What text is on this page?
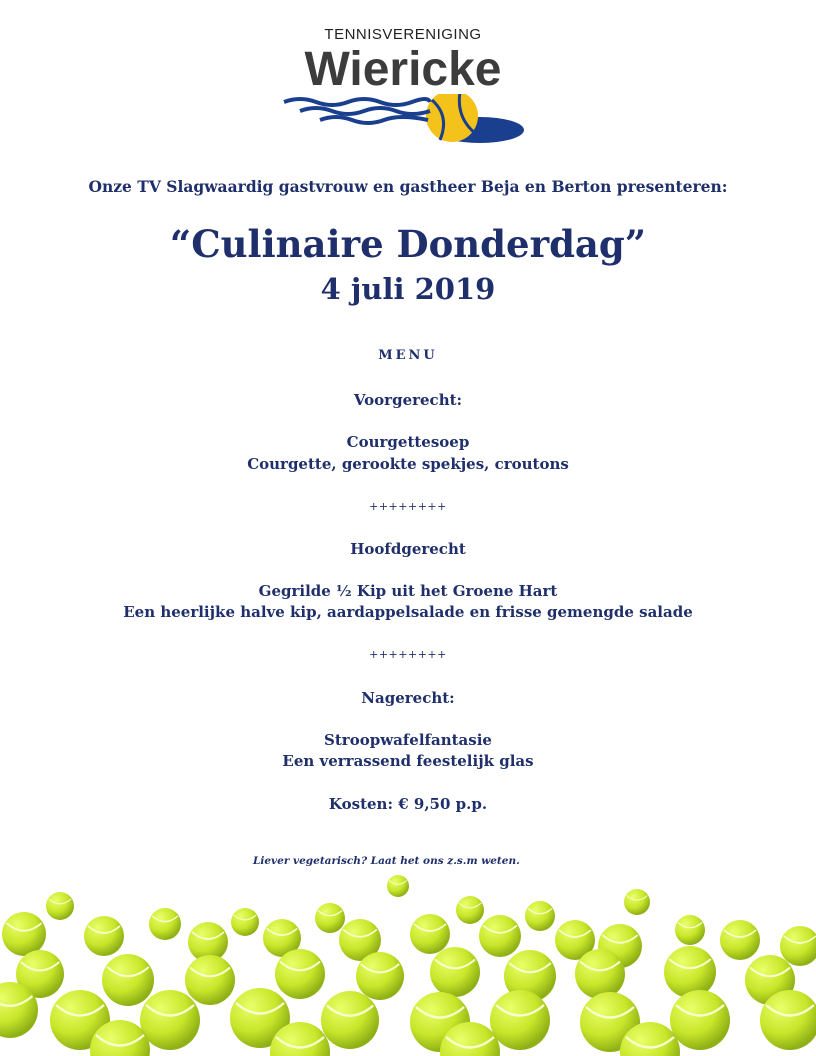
TENNISVERENIGING
Wiericke
Onze TV Slagwaardig gastvrouw en gastheer Beja en Berton presenteren:
“Culinaire Donderdag”
4 juli 2019
MENU
Voorgerecht:
Courgettesoep
Courgette, gerookte spekjes, croutons
++++++++
Hoofdgerecht
Gegrilde ½ Kip uit het Groene Hart
Een heerlijke halve kip, aardappelsalade en frisse gemengde salade
++++++++
Nagerecht:
Stroopwafelfantasie
Een verrassend feestelijk glas
Kosten: € 9,50 p.p.
Liever vegetarisch? Laat het ons z.s.m weten.
